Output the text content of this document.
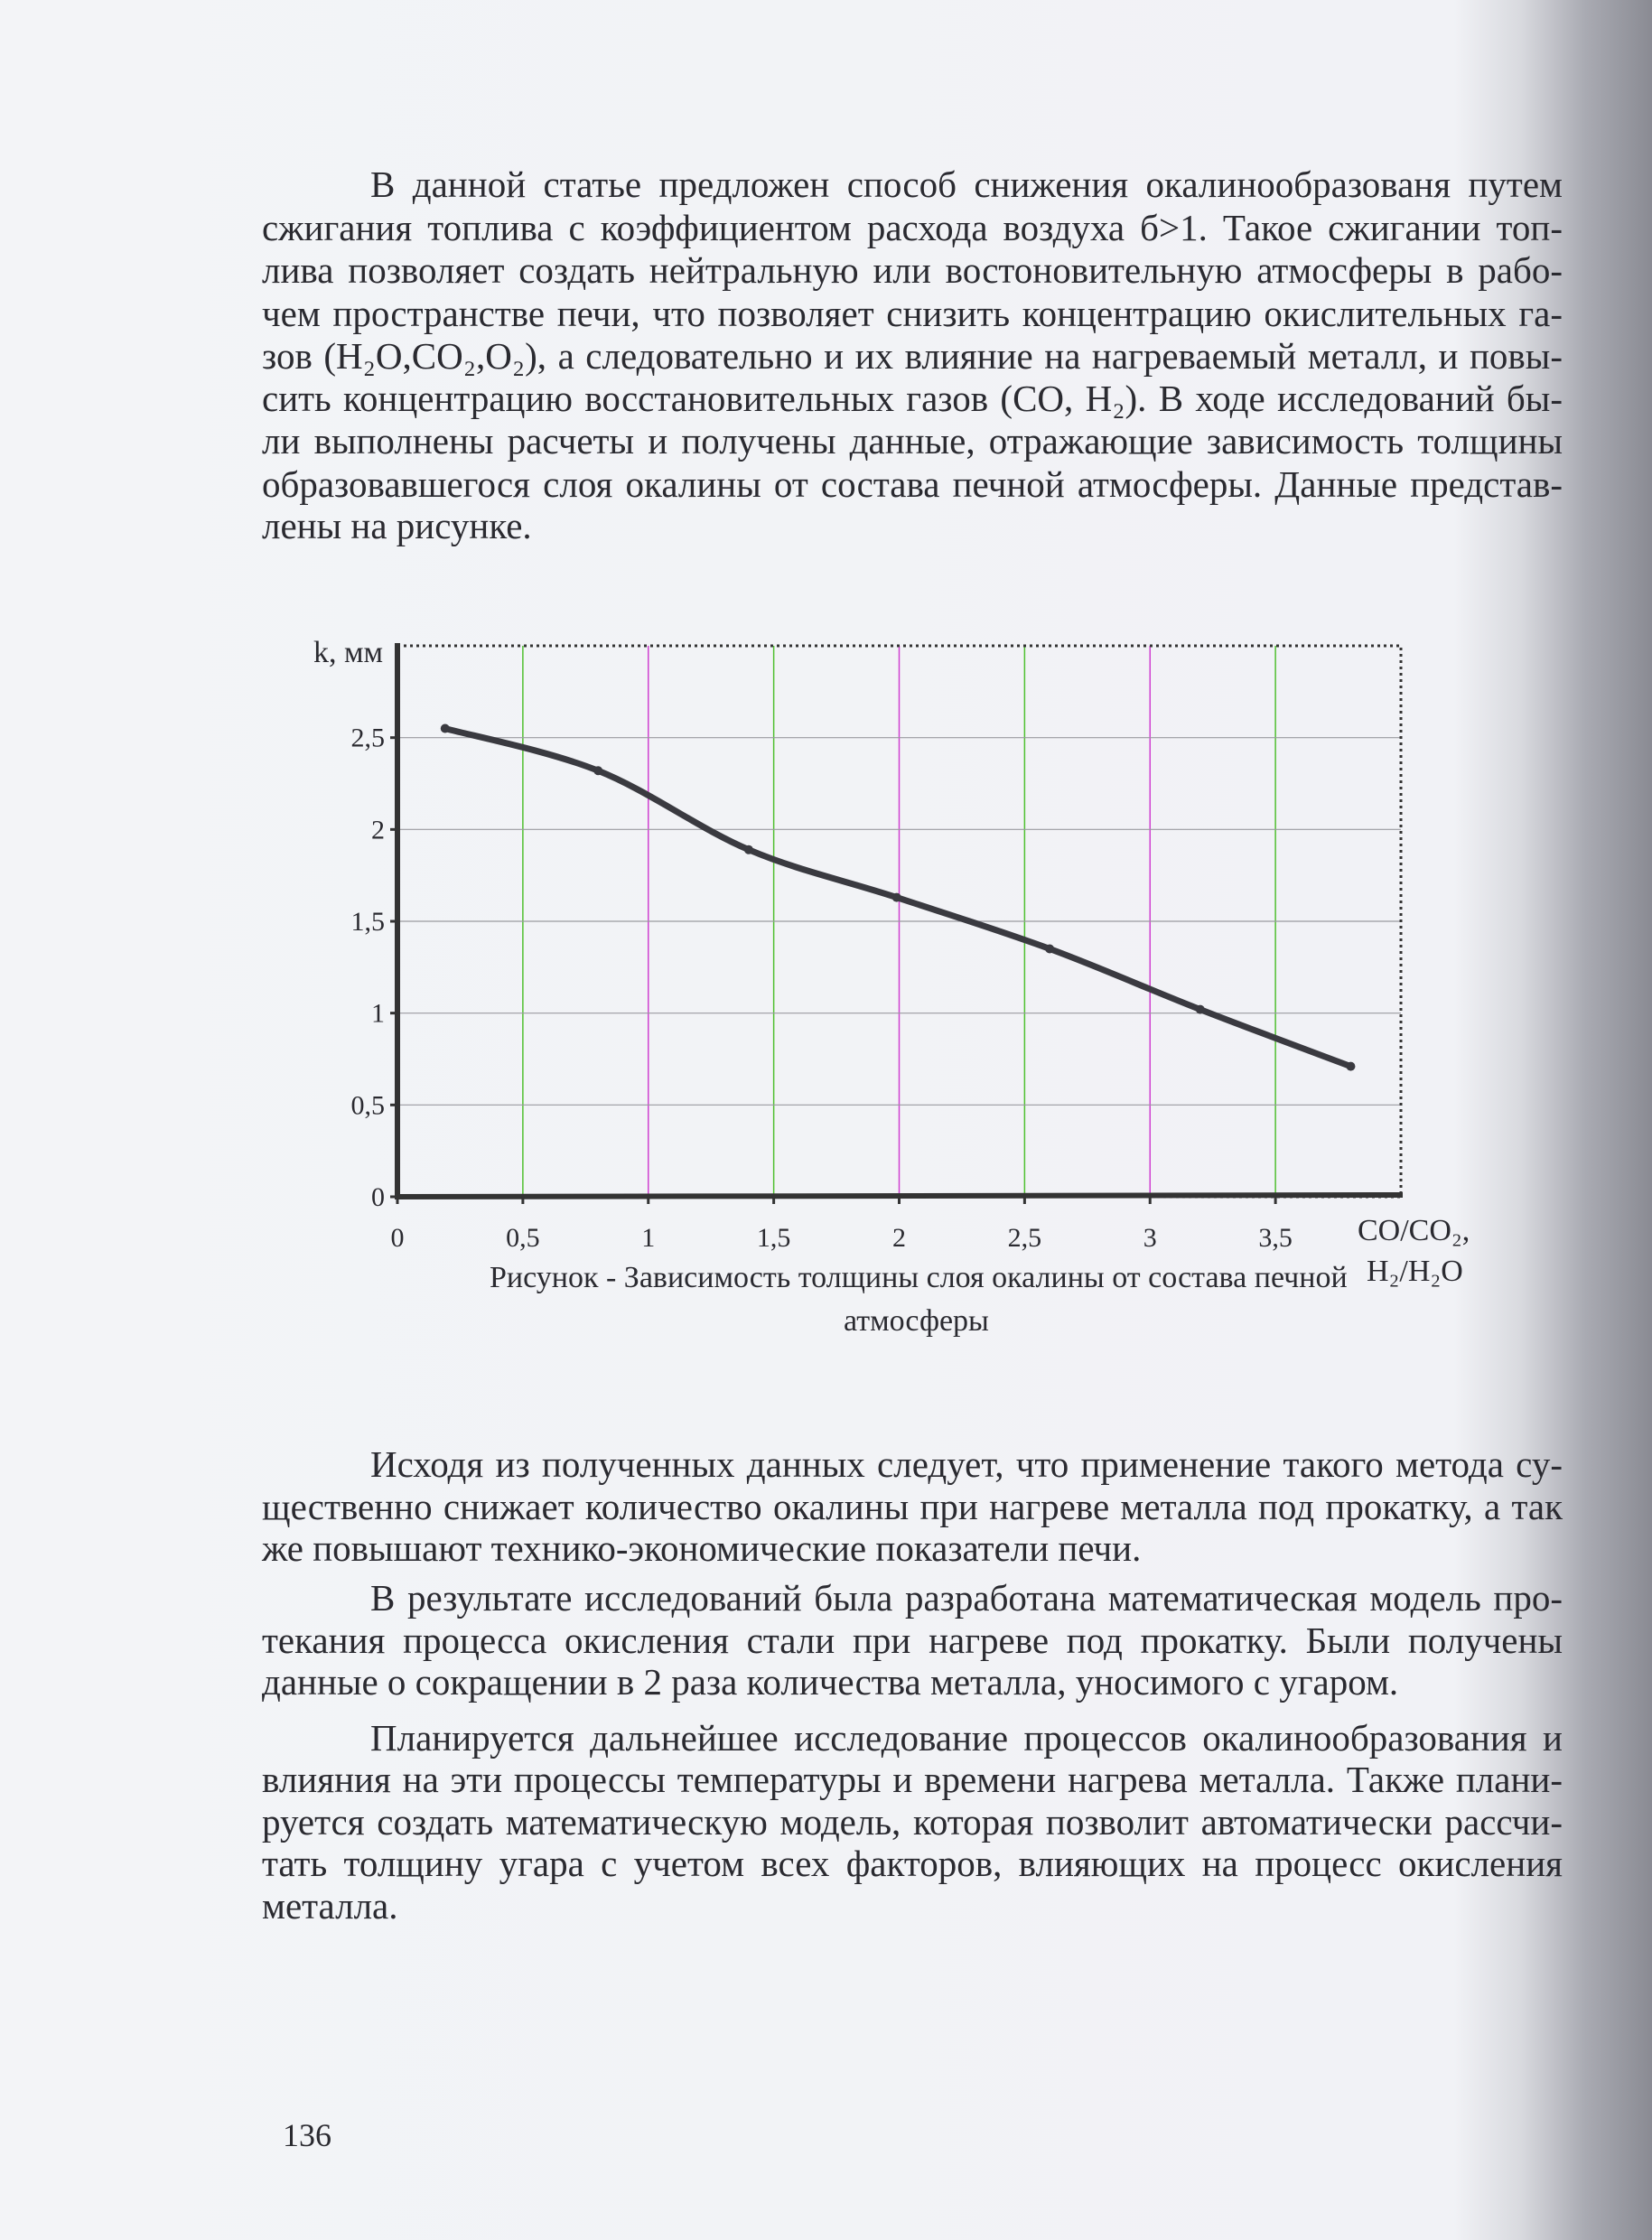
В данной статье предложен способ снижения окалинообразованя путем
сжигания топлива с коэффициентом расхода воздуха б>1. Такое сжигании топ-
лива позволяет создать нейтральную или востоновительную атмосферы в рабо-
чем пространстве печи, что позволяет снизить концентрацию окислительных га-
зов (H₂O,CO₂,O₂), а следовательно и их влияние на нагреваемый металл, и повы-
сить концентрацию восстановительных газов (CO, H₂). В ходе исследований бы-
ли выполнены расчеты и получены данные, отражающие зависимость толщины
образовавшегося слоя окалины от состава печной атмосферы. Данные представ-
лены на рисунке.
0	0,5	1	1,5	2	2,5	3	3,5
0
0,5
1
1,5
2
2,5
k, мм
CO/CO₂,
H₂/H₂O
Рисунок - Зависимость толщины слоя окалины от состава печной
атмосферы
Исходя из полученных данных следует, что применение такого метода су-
щественно снижает количество окалины при нагреве металла под прокатку, а так
же повышают технико-экономические показатели печи.
В результате исследований была разработана математическая модель про-
текания процесса окисления стали при нагреве под прокатку. Были получены
данные о сокращении в 2 раза количества металла, уносимого с угаром.
Планируется дальнейшее исследование процессов окалинообразования и
влияния на эти процессы температуры и времени нагрева металла. Также плани-
руется создать математическую модель, которая позволит автоматически рассчи-
тать толщину угара с учетом всех факторов, влияющих на процесс окисления
металла.
136
